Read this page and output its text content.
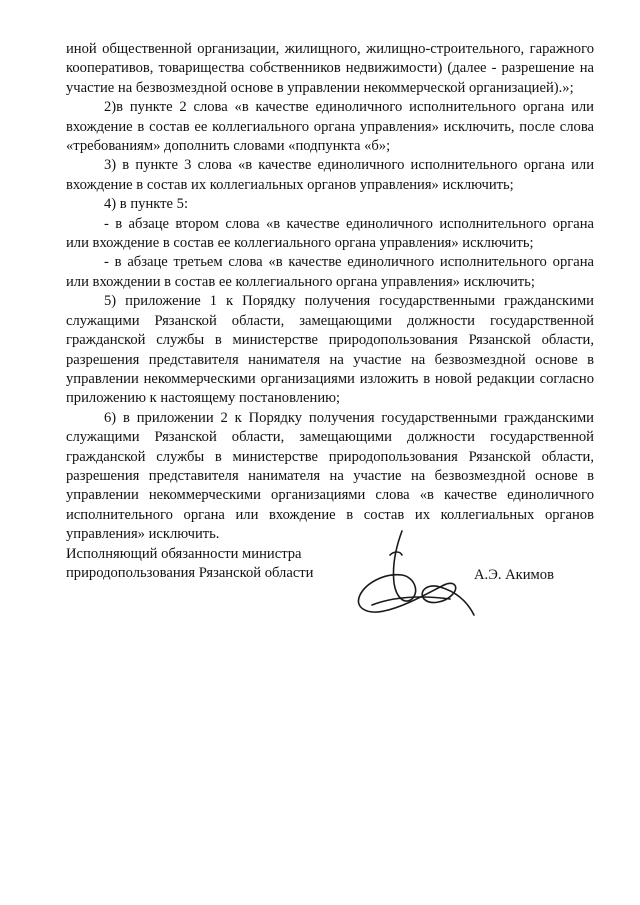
иной общественной организации, жилищного, жилищно-строительного, гаражного кооперативов, товарищества собственников недвижимости) (далее - разрешение на участие на безвозмездной основе в управлении некоммерческой организацией).»;

2)в пункте 2 слова «в качестве единоличного исполнительного органа или вхождение в состав ее коллегиального органа управления» исключить, после слова «требованиям» дополнить словами «подпункта «б»;

3) в пункте 3 слова «в качестве единоличного исполнительного органа или вхождение в состав их коллегиальных органов управления» исключить;

4) в пункте 5:

- в абзаце втором слова «в качестве единоличного исполнительного органа или вхождение в состав ее коллегиального органа управления» исключить;

- в абзаце третьем слова «в качестве единоличного исполнительного органа или вхождении в состав ее коллегиального органа управления» исключить;

5) приложение 1 к Порядку получения государственными гражданскими служащими Рязанской области, замещающими должности государственной гражданской службы в министерстве природопользования Рязанской области, разрешения представителя нанимателя на участие на безвозмездной основе в управлении некоммерческими организациями изложить в новой редакции согласно приложению к настоящему постановлению;

6) в приложении 2 к Порядку получения государственными гражданскими служащими Рязанской области, замещающими должности государственной гражданской службы в министерстве природопользования Рязанской области, разрешения представителя нанимателя на участие на безвозмездной основе в управлении некоммерческими организациями слова «в качестве единоличного исполнительного органа или вхождение в состав их коллегиальных органов управления» исключить.

Исполняющий обязанности министра
природопользования Рязанской области	А.Э. Акимов
